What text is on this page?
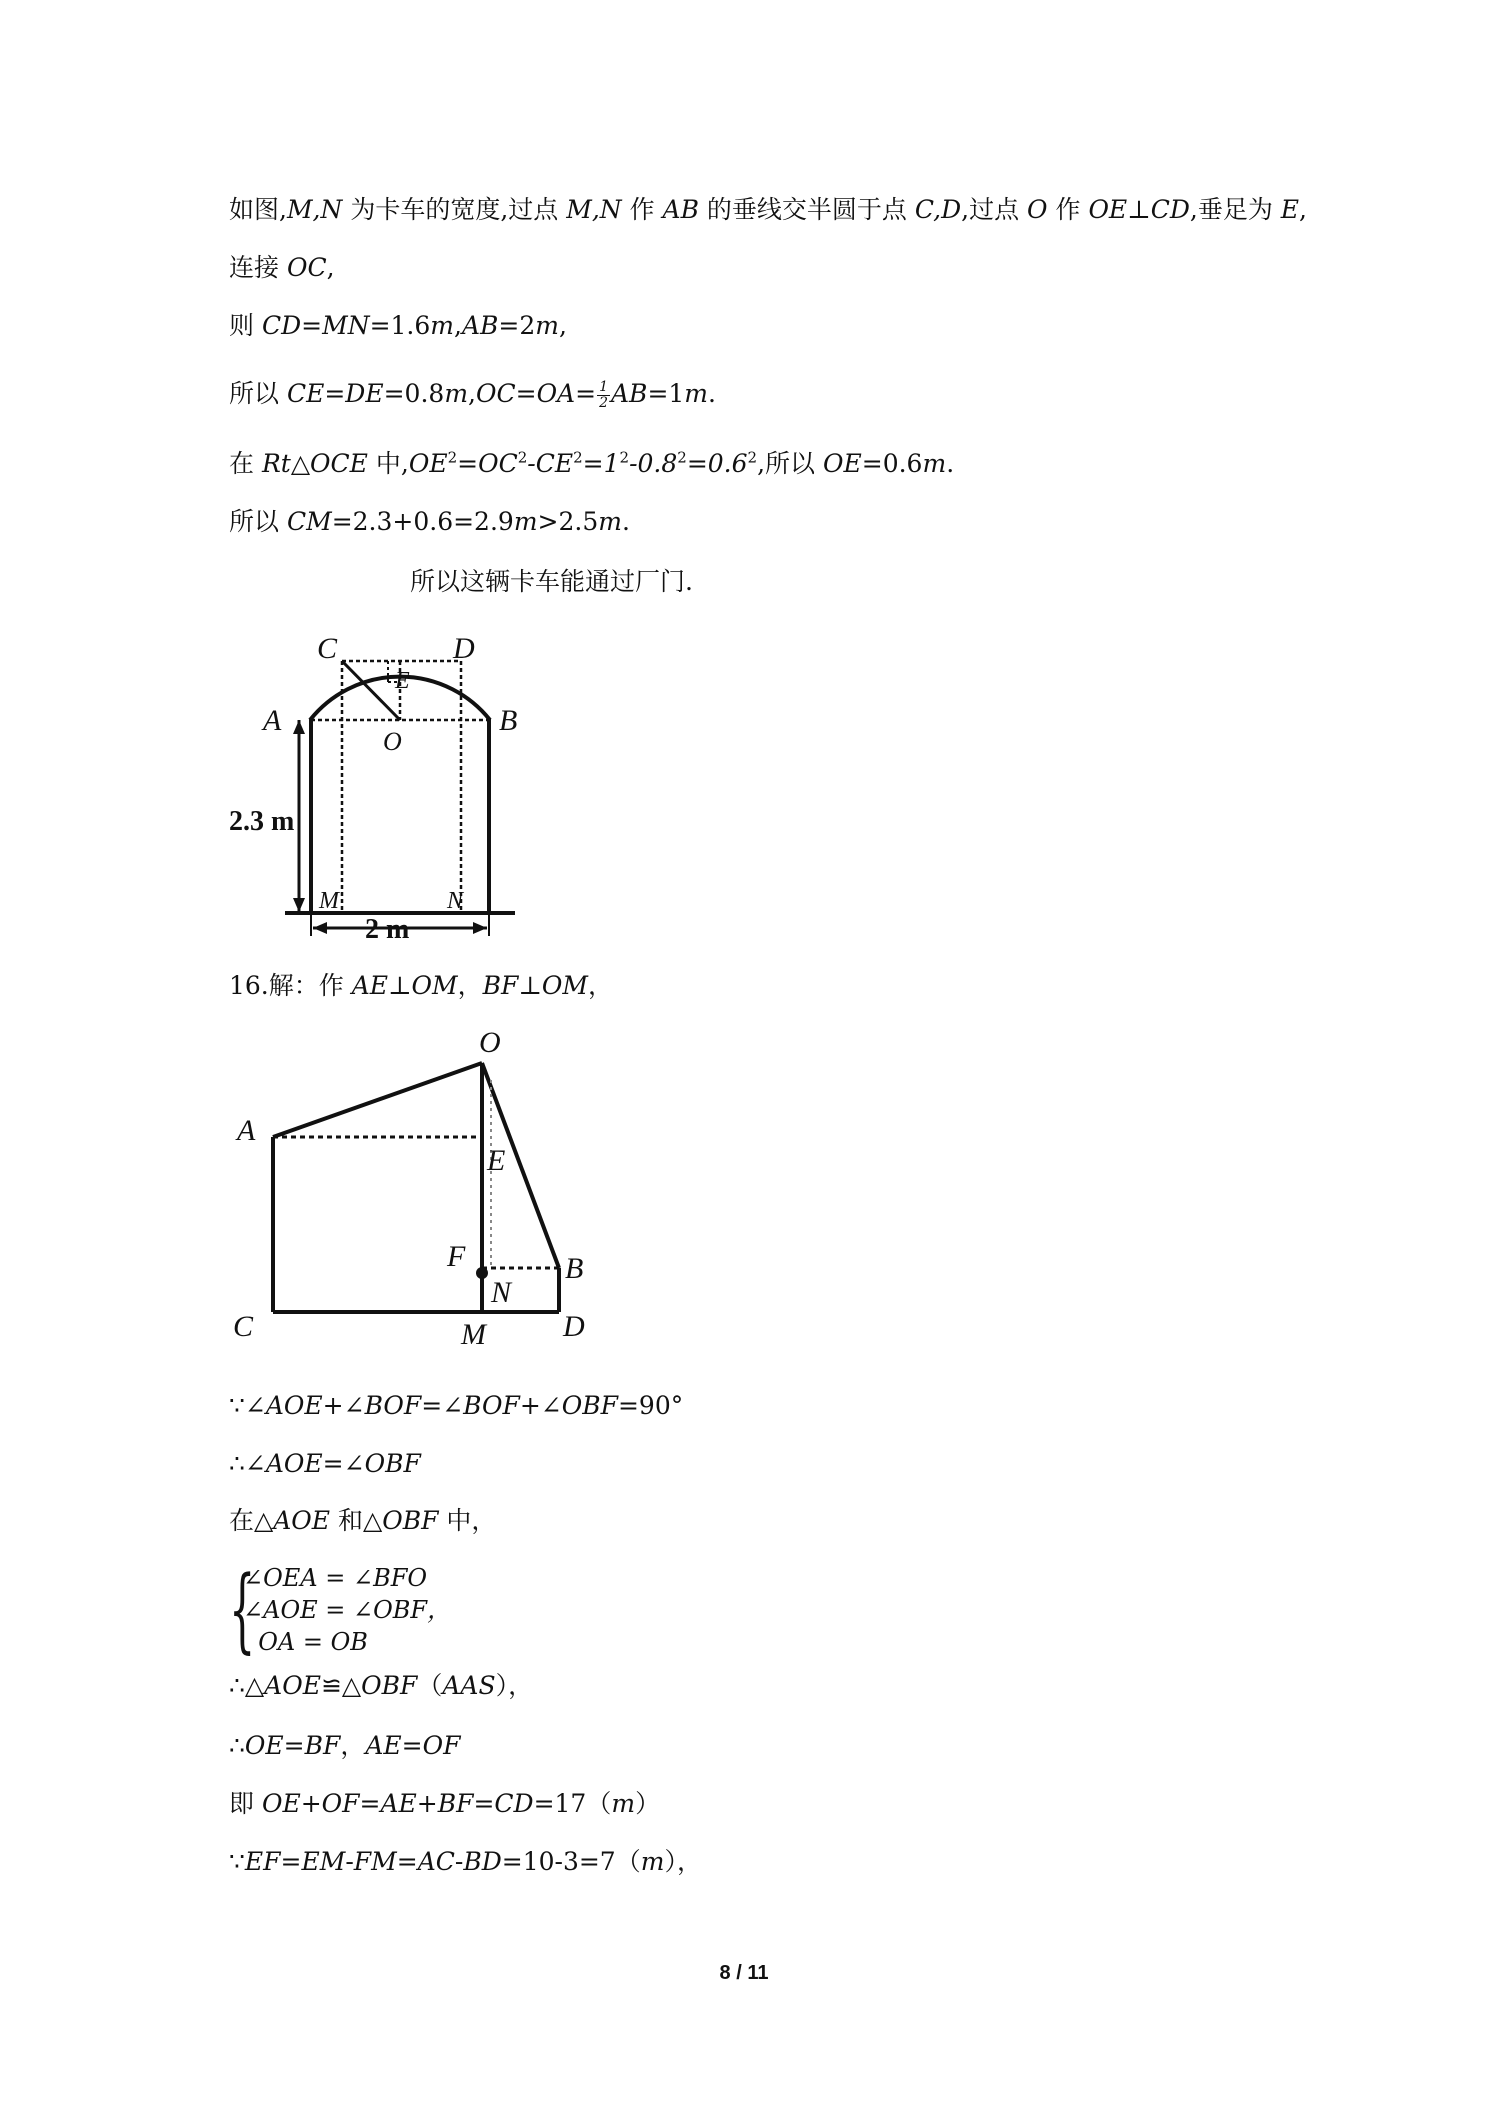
如图,M,N 为卡车的宽度,过点 M,N 作 AB 的垂线交半圆于点 C,D,过点 O 作 OE⊥CD,垂足为 E,
连接 OC,
则 CD=MN=1.6m,AB=2m,
所以 $CE=DE=0.8m,OC=OA= \frac{1}{2} AB=1m$.
在 Rt△OCE 中$,OE^2=OC^2-CE^2=1^2-0.8^2=0.6^2$,所以 OE=0.6m.
所以 CM=2.3+0.6=2.9m>2.5m.
所以这辆卡车能通过厂门.
C	D
E
A
O
B
2.3 m
M	N
2 m
16.解：作 AE⊥OM，BF⊥OM，
O
A
E
F	B
N
C	M	D
∵∠AOE+∠BOF=∠BOF+∠OBF=90°
∴∠AOE=∠OBF
在△AOE 和△OBF 中，
{
∠OEA = ∠BFO
∠AOE = ∠OBF，
OA = OB
∴△AOE≌△OBF（AAS），
∴OE=BF，AE=OF
即 OE+OF=AE+BF=CD=17（m）
∵EF=EM-FM=AC-BD=10-3=7（m），
8 / 11
